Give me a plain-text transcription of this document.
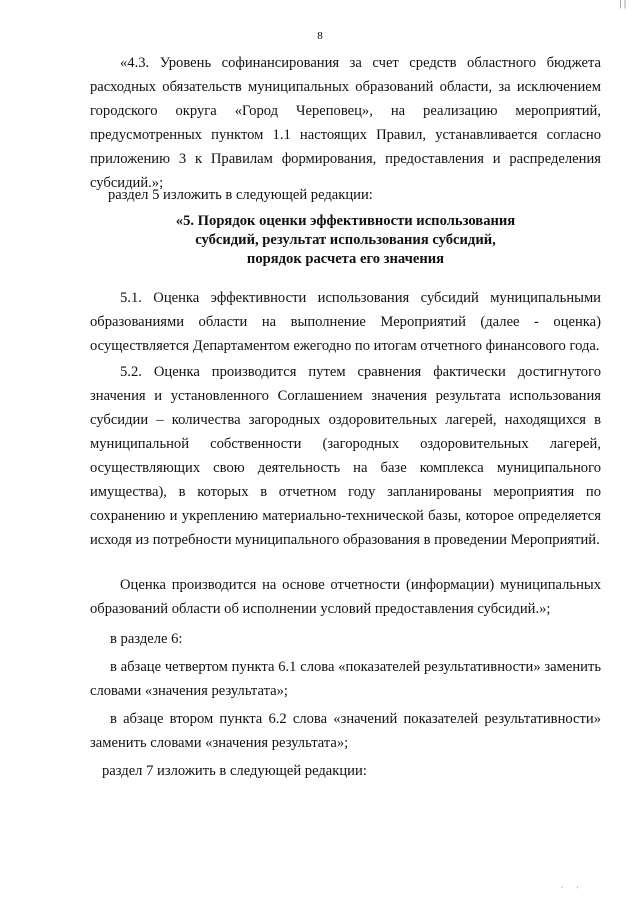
| |
8

«4.3. Уровень софинансирования за счет средств областного бюджета расходных обязательств муниципальных образований области, за исключением городского округа «Город Череповец», на реализацию мероприятий, предусмотренных пунктом 1.1 настоящих Правил, устанавливается согласно приложению 3 к Правилам формирования, предоставления и распределения субсидий.»;

раздел 5 изложить в следующей редакции:

«5. Порядок оценки эффективности использования
субсидий, результат использования субсидий,
порядок расчета его значения

5.1. Оценка эффективности использования субсидий муниципальными образованиями области на выполнение Мероприятий (далее - оценка) осуществляется Департаментом ежегодно по итогам отчетного финансового года.

5.2. Оценка производится путем сравнения фактически достигнутого значения и установленного Соглашением значения результата использования субсидии – количества загородных оздоровительных лагерей, находящихся в муниципальной собственности (загородных оздоровительных лагерей, осуществляющих свою деятельность на базе комплекса муниципального имущества), в которых в отчетном году запланированы мероприятия по сохранению и укреплению материально-технической базы, которое определяется исходя из потребности муниципального образования в проведении Мероприятий.

Оценка производится на основе отчетности (информации) муниципальных образований области об исполнении условий предоставления субсидий.»;

в разделе 6:

в абзаце четвертом пункта 6.1 слова «показателей результативности» заменить словами «значения результата»;

в абзаце втором пункта 6.2 слова «значений показателей результативности» заменить словами «значения результата»;

раздел 7 изложить в следующей редакции:

' '
